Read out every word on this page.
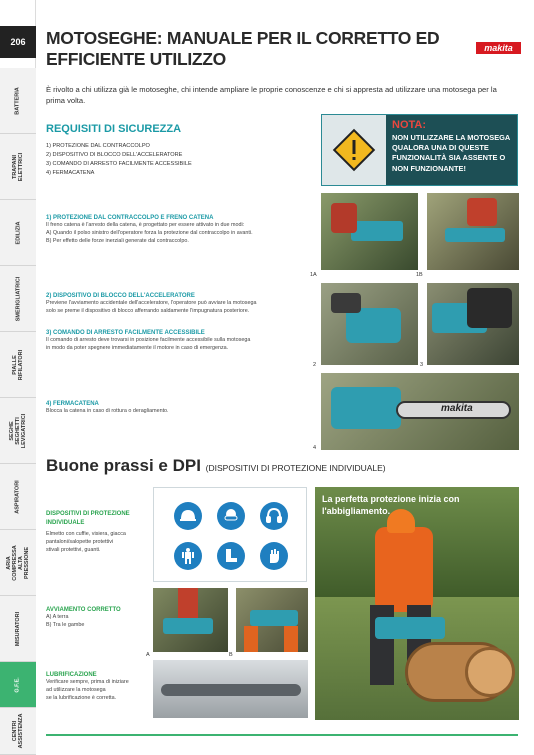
206
BATTERIA
TRAPANI ELETTRICI
EDILIZIA
SMERIGLIATRICI
PIALLE RIFILATORI
SEGHE SEGHETTI LEVIGATRICI
ASPIRATORI
ARIA COMPRESSA ALTA PRESSIONE
MISURATORI
G.F.E.
CENTRI ASSISTENZA
MOTOSEGHE: MANUALE PER IL CORRETTO ED EFFICIENTE UTILIZZO
makita
È rivolto a chi utilizza già le motoseghe, chi intende ampliare le proprie conoscenze e chi si appresta ad utilizzare una motosega per la prima volta.
REQUISITI DI SICUREZZA
1) PROTEZIONE DAL CONTRACCOLPO
2) DISPOSITIVO DI BLOCCO DELL'ACCELERATORE
3) COMANDO DI ARRESTO FACILMENTE ACCESSIBILE
4) FERMACATENA
NOTA:
NON UTILIZZARE LA MOTOSEGA QUALORA UNA DI QUESTE FUNZIONALITÀ SIA ASSENTE O NON FUNZIONANTE!
1) PROTEZIONE DAL CONTRACCOLPO E FRENO CATENA
Il freno catena è l'arresto della catena, è progettato per essere attivato in due modi:
A) Quando il polso sinistro dell'operatore forza la protezione dal contraccolpo in avanti.
B) Per effetto delle forze inerziali generate dal contraccolpo.
1A	1B
2) DISPOSITIVO DI BLOCCO DELL'ACCELERATORE
Previene l'avviamento accidentale dell'acceleratore, l'operatore può avviare la motosega
solo se preme il dispositivo di blocco afferrando saldamente l'impugnatura posteriore.
3) COMANDO DI ARRESTO FACILMENTE ACCESSIBILE
Il comando di arresto deve trovarsi in posizione facilmente accessibile sulla motosega
in modo da poter spegnere immediatamente il motore in caso di emergenza.
2	3
4) FERMACATENA
Blocca la catena in caso di rottura o deragliamento.	makita
4
Buone prassi e DPI (DISPOSITIVI DI PROTEZIONE INDIVIDUALE)
DISPOSITIVI DI PROTEZIONE INDIVIDUALE
Elmetto con cuffie, visiera, giacca
pantaloni/salopette protettivi
stivali protettivi, guanti.
La perfetta protezione inizia con l'abbigliamento.
AVVIAMENTO CORRETTO
A) A terra
B) Tra le gambe
A	B
LUBRIFICAZIONE
Verificare sempre, prima di iniziare
ad utilizzare la motosega
se la lubrificazione è corretta.
